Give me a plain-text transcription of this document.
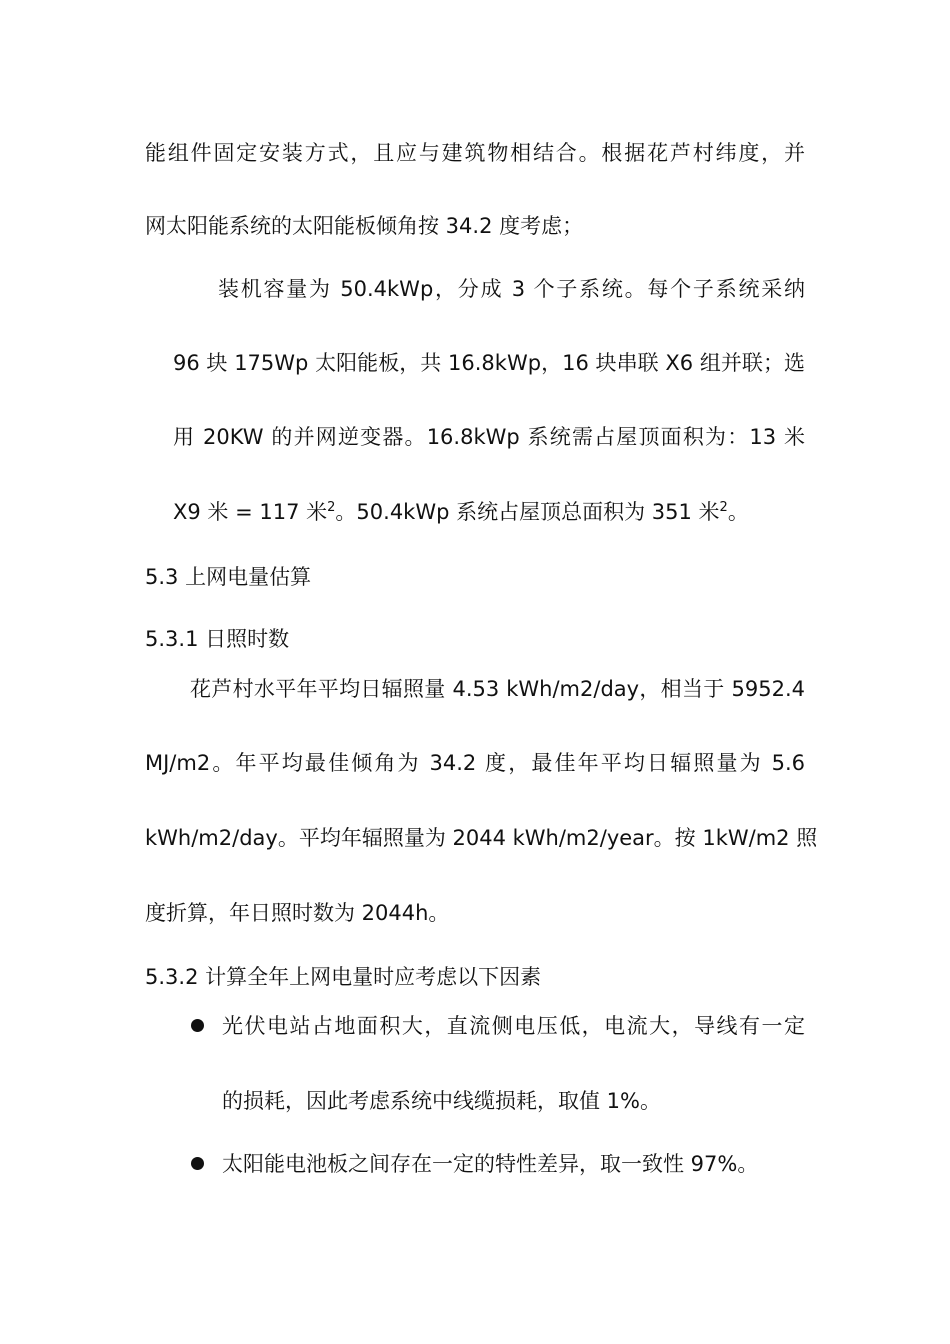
能组件固定安装方式，且应与建筑物相结合。根据花芦村纬度，并
网太阳能系统的太阳能板倾角按 34.2 度考虑；
装机容量为 50.4kWp，分成 3 个子系统。每个子系统采纳
96 块 175Wp 太阳能板，共 16.8kWp，16 块串联 X6 组并联；选
用 20KW 的并网逆变器。16.8kWp 系统需占屋顶面积为：13 米
X9 米 = 117 米$^2$。50.4kWp 系统占屋顶总面积为 351 米$^2$。
5.3 上网电量估算
5.3.1 日照时数
花芦村水平年平均日辐照量 4.53 kWh/m2/day，相当于 5952.4
MJ/m2。年平均最佳倾角为 34.2 度，最佳年平均日辐照量为 5.6
kWh/m2/day。平均年辐照量为 2044 kWh/m2/year。按 1kW/m2 照
度折算，年日照时数为 2044h。
5.3.2 计算全年上网电量时应考虑以下因素
光伏电站占地面积大，直流侧电压低，电流大，导线有一定
的损耗，因此考虑系统中线缆损耗，取值 1%。
太阳能电池板之间存在一定的特性差异，取一致性 97%。
